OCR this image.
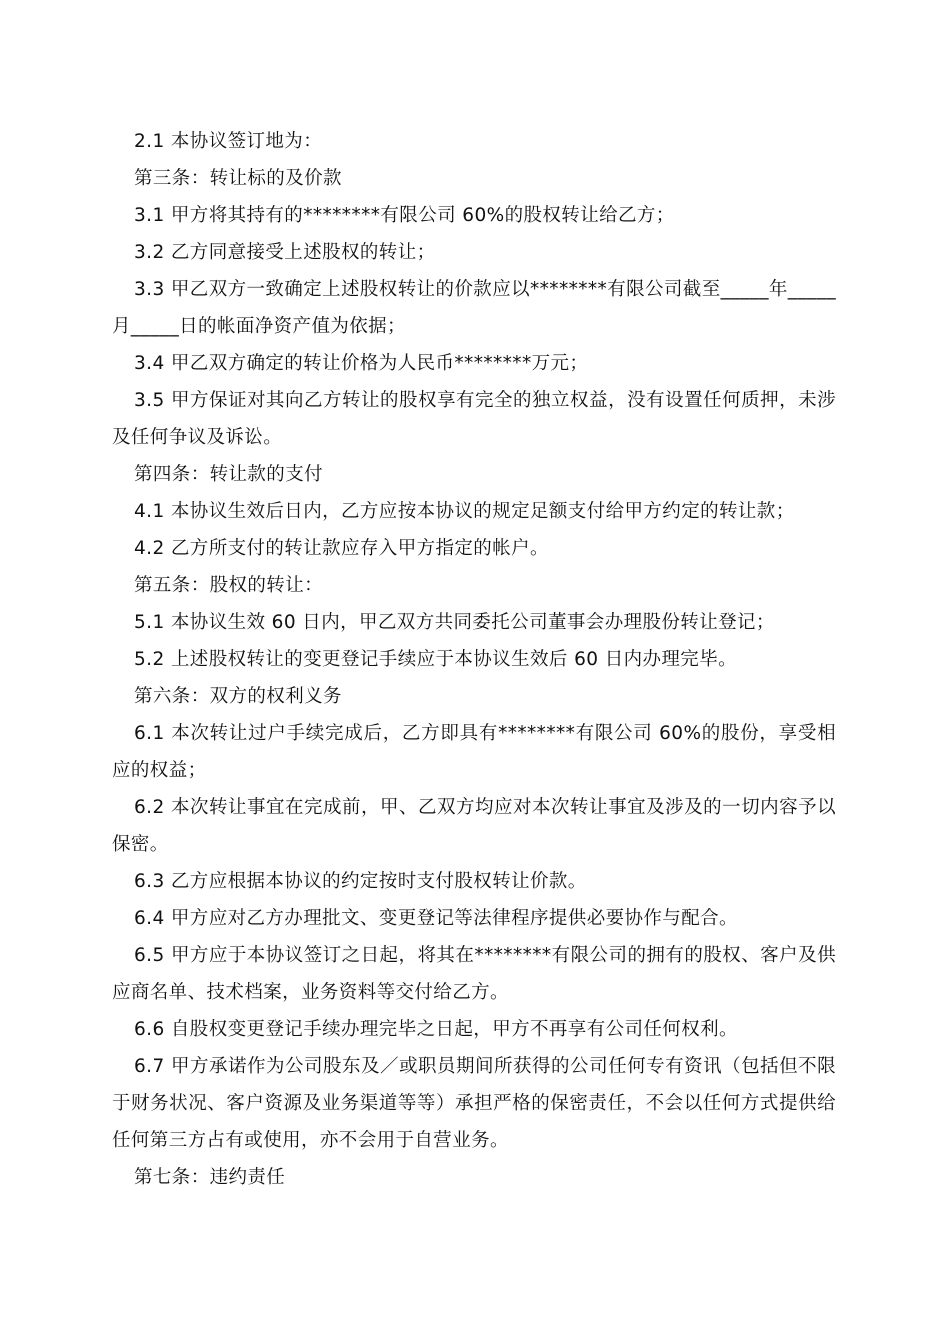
2.1 本协议签订地为：

第三条：转让标的及价款

3.1 甲方将其持有的********有限公司 60%的股权转让给乙方；

3.2 乙方同意接受上述股权的转让；

3.3 甲乙双方一致确定上述股权转让的价款应以********有限公司截至_____年_____月_____日的帐面净资产值为依据；

3.4 甲乙双方确定的转让价格为人民币********万元；

3.5 甲方保证对其向乙方转让的股权享有完全的独立权益，没有设置任何质押，未涉及任何争议及诉讼。

第四条：转让款的支付

4.1 本协议生效后日内，乙方应按本协议的规定足额支付给甲方约定的转让款；

4.2 乙方所支付的转让款应存入甲方指定的帐户。

第五条：股权的转让：

5.1 本协议生效 60 日内，甲乙双方共同委托公司董事会办理股份转让登记；

5.2 上述股权转让的变更登记手续应于本协议生效后 60 日内办理完毕。

第六条：双方的权利义务

6.1 本次转让过户手续完成后，乙方即具有********有限公司 60%的股份，享受相应的权益；

6.2 本次转让事宜在完成前，甲、乙双方均应对本次转让事宜及涉及的一切内容予以保密。

6.3 乙方应根据本协议的约定按时支付股权转让价款。

6.4 甲方应对乙方办理批文、变更登记等法律程序提供必要协作与配合。

6.5 甲方应于本协议签订之日起，将其在********有限公司的拥有的股权、客户及供应商名单、技术档案，业务资料等交付给乙方。

6.6 自股权变更登记手续办理完毕之日起，甲方不再享有公司任何权利。

6.7 甲方承诺作为公司股东及／或职员期间所获得的公司任何专有资讯（包括但不限于财务状况、客户资源及业务渠道等等）承担严格的保密责任，不会以任何方式提供给任何第三方占有或使用，亦不会用于自营业务。

第七条：违约责任
